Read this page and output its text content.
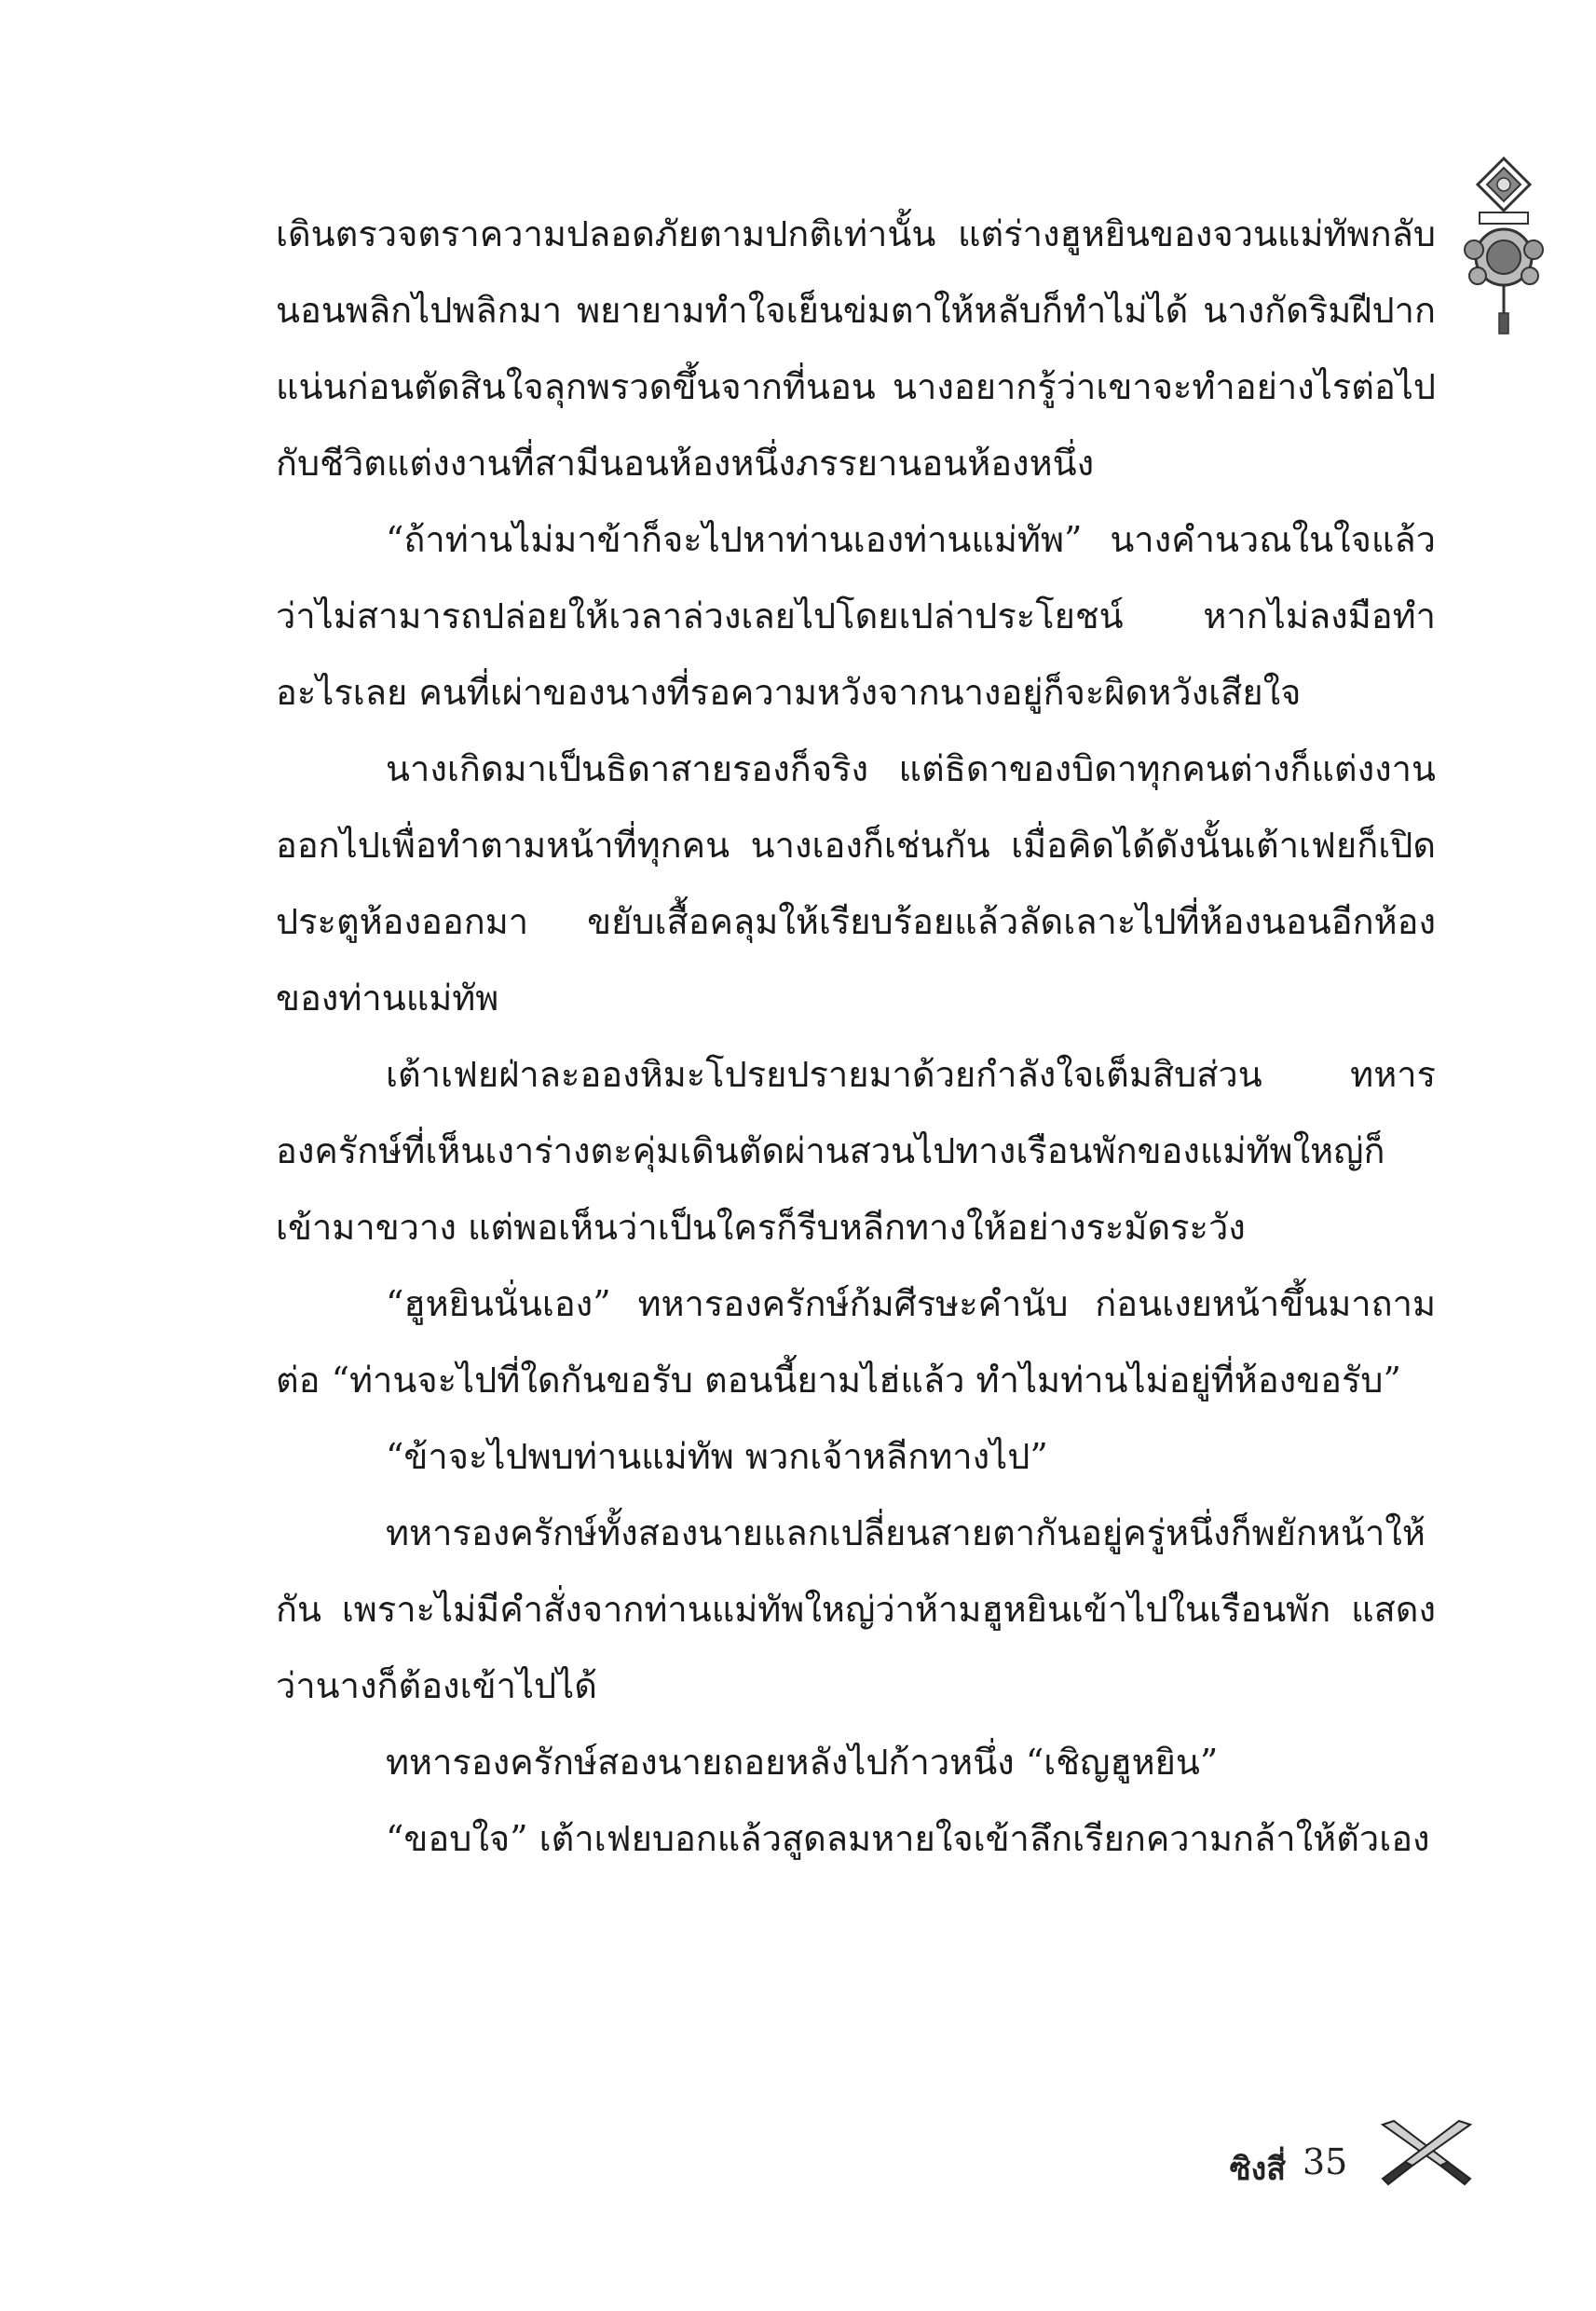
เดินตรวจตราความปลอดภัยตามปกติเท่านั้น แต่ร่างฮูหยินของจวนแม่ทัพกลับนอนพลิกไปพลิกมา พยายามทำใจเย็นข่มตาให้หลับก็ทำไม่ได้ นางกัดริมฝีปากแน่นก่อนตัดสินใจลุกพรวดขึ้นจากที่นอน นางอยากรู้ว่าเขาจะทำอย่างไรต่อไปกับชีวิตแต่งงานที่สามีนอนห้องหนึ่งภรรยานอนห้องหนึ่ง

“ถ้าท่านไม่มาข้าก็จะไปหาท่านเองท่านแม่ทัพ” นางคำนวณในใจแล้วว่าไม่สามารถปล่อยให้เวลาล่วงเลยไปโดยเปล่าประโยชน์ หากไม่ลงมือทำอะไรเลย คนที่เผ่าของนางที่รอความหวังจากนางอยู่ก็จะผิดหวังเสียใจ

นางเกิดมาเป็นธิดาสายรองก็จริง แต่ธิดาของบิดาทุกคนต่างก็แต่งงานออกไปเพื่อทำตามหน้าที่ทุกคน นางเองก็เช่นกัน เมื่อคิดได้ดังนั้นเต้าเฟยก็เปิดประตูห้องออกมา ขยับเสื้อคลุมให้เรียบร้อยแล้วลัดเลาะไปที่ห้องนอนอีกห้องของท่านแม่ทัพ

เต้าเฟยฝ่าละอองหิมะโปรยปรายมาด้วยกำลังใจเต็มสิบส่วน ทหารองครักษ์ที่เห็นเงาร่างตะคุ่มเดินตัดผ่านสวนไปทางเรือนพักของแม่ทัพใหญ่ก็เข้ามาขวาง แต่พอเห็นว่าเป็นใครก็รีบหลีกทางให้อย่างระมัดระวัง

“ฮูหยินนั่นเอง” ทหารองครักษ์ก้มศีรษะคำนับ ก่อนเงยหน้าขึ้นมาถามต่อ “ท่านจะไปที่ใดกันขอรับ ตอนนี้ยามไฮ่แล้ว ทำไมท่านไม่อยู่ที่ห้องขอรับ”

“ข้าจะไปพบท่านแม่ทัพ พวกเจ้าหลีกทางไป”

ทหารองครักษ์ทั้งสองนายแลกเปลี่ยนสายตากันอยู่ครู่หนึ่งก็พยักหน้าให้กัน เพราะไม่มีคำสั่งจากท่านแม่ทัพใหญ่ว่าห้ามฮูหยินเข้าไปในเรือนพัก แสดงว่านางก็ต้องเข้าไปได้

ทหารองครักษ์สองนายถอยหลังไปก้าวหนึ่ง “เชิญฮูหยิน”

“ขอบใจ” เต้าเฟยบอกแล้วสูดลมหายใจเข้าลึกเรียกความกล้าให้ตัวเอง

ซิงสี่ 35
